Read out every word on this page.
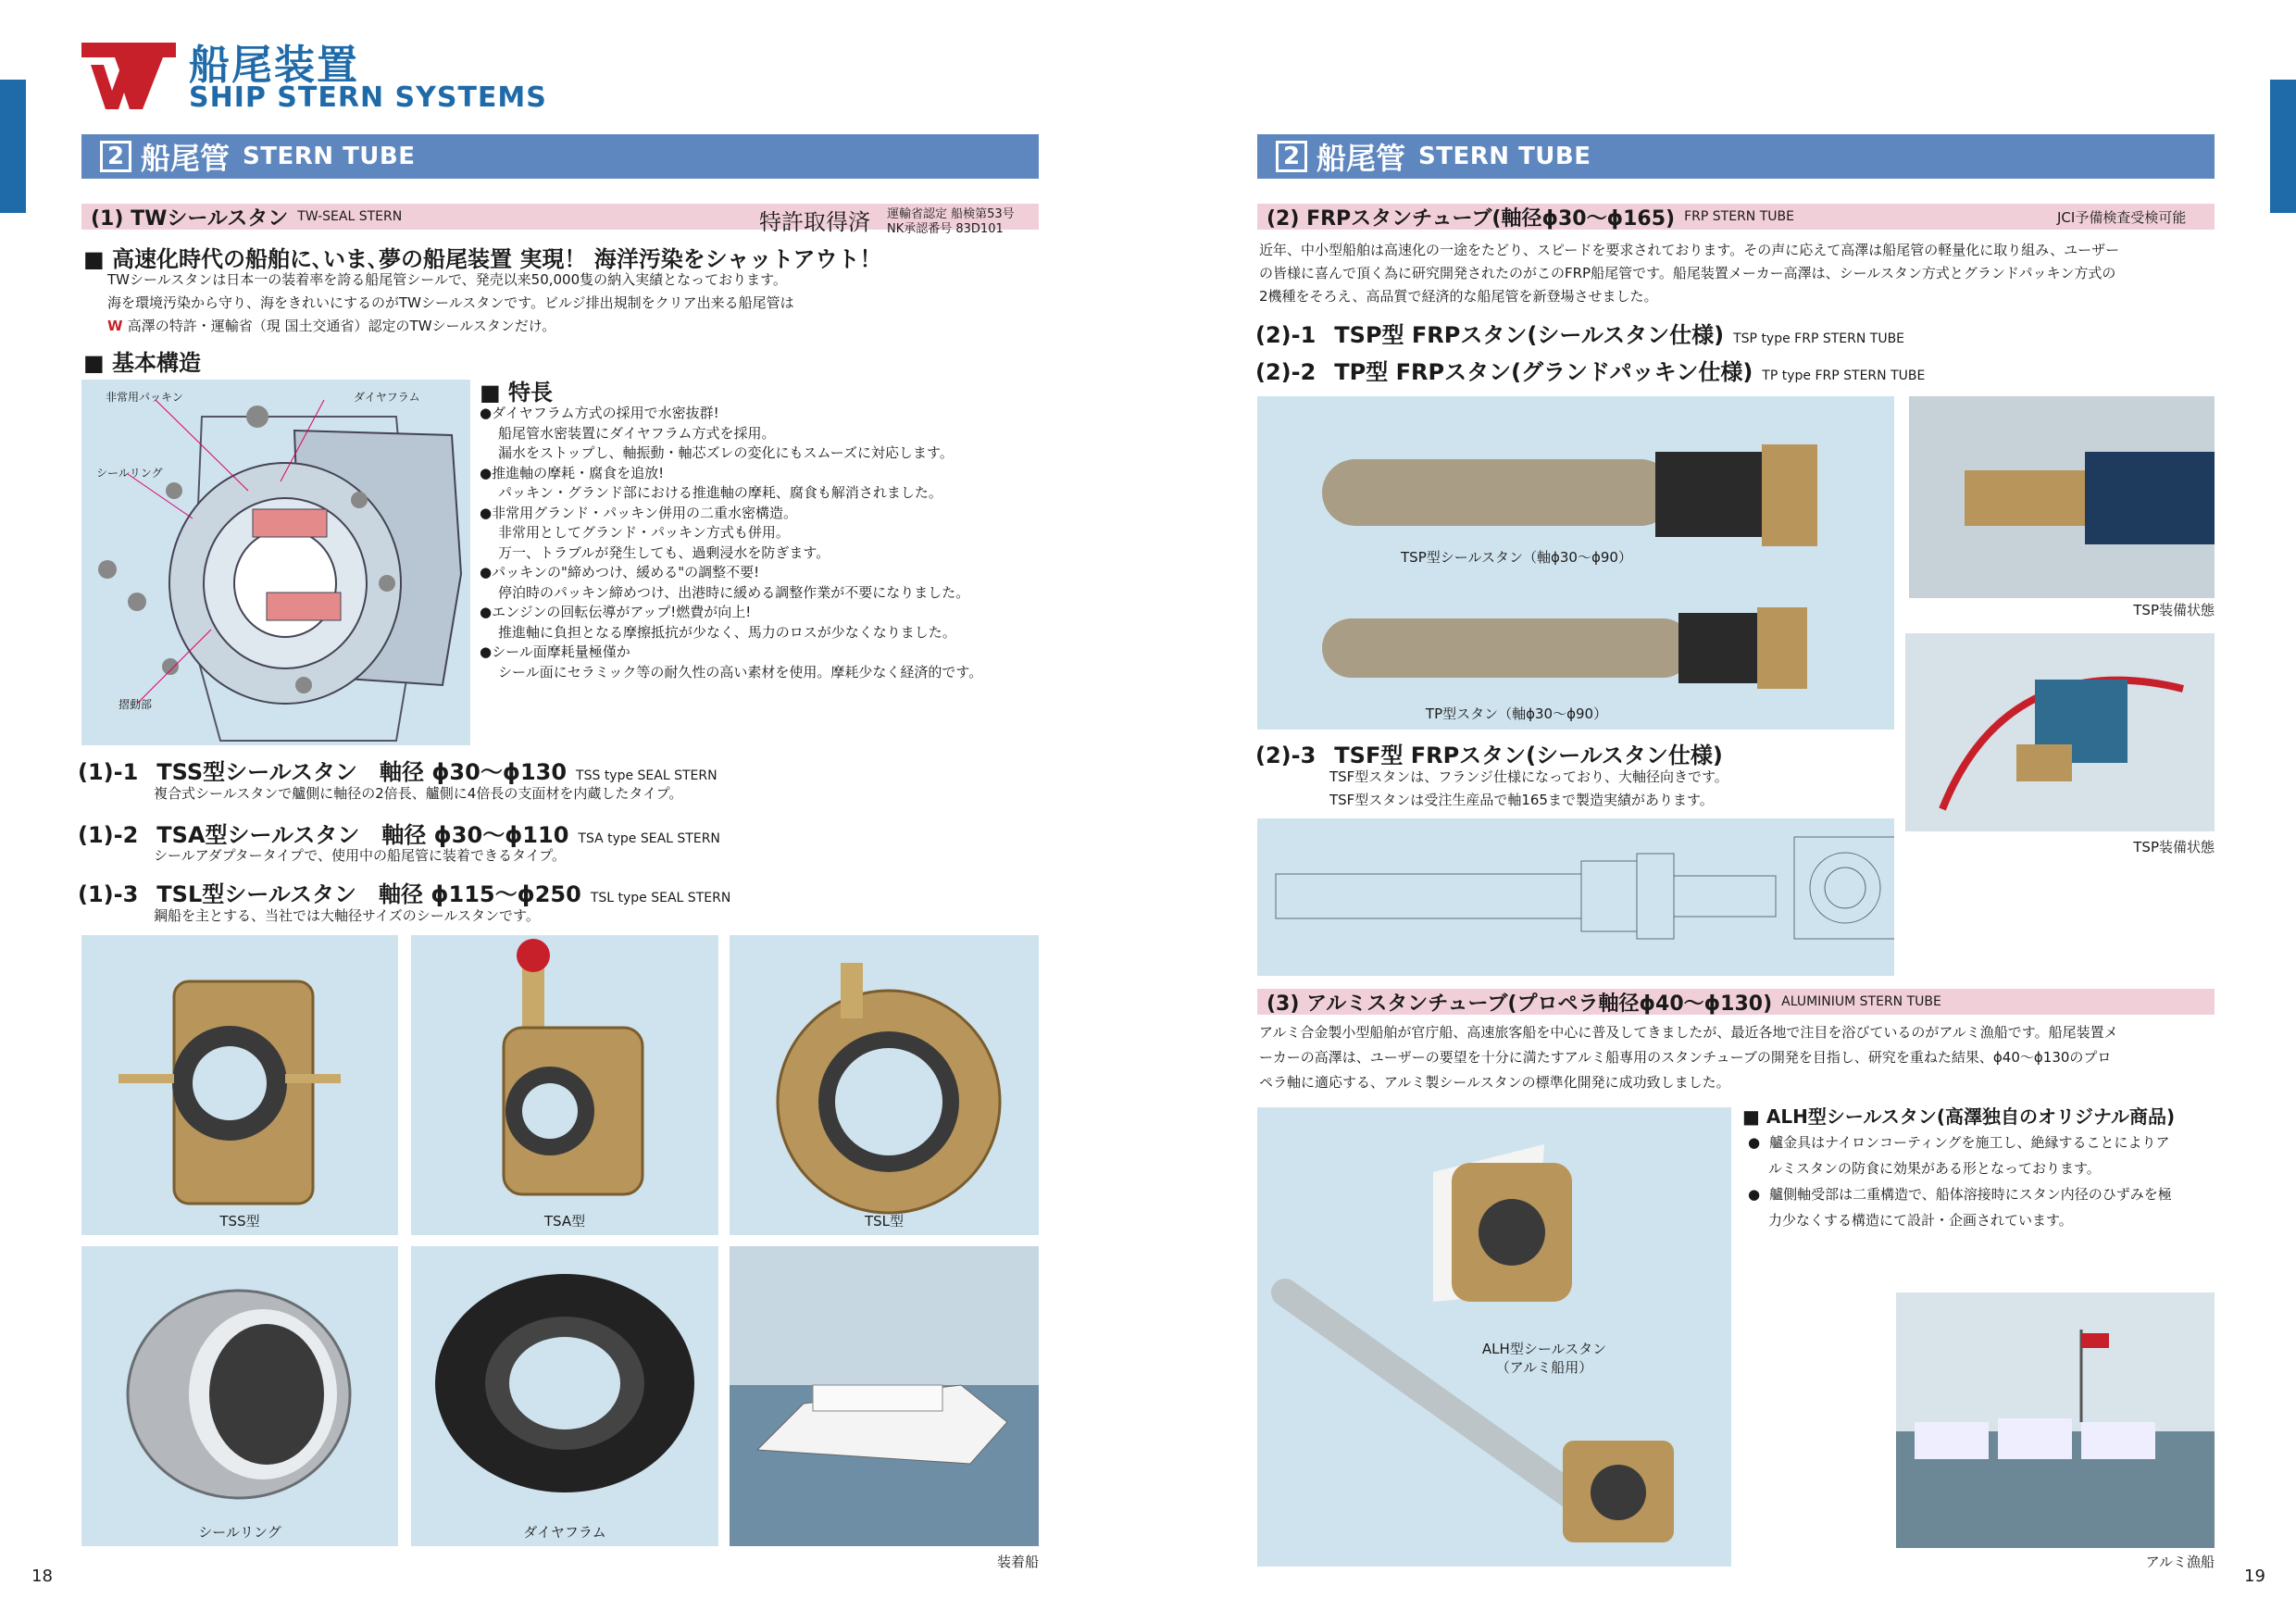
船尾装置
SHIP STERN SYSTEMS
2 船尾管 STERN TUBE
(1) TWシールスタン TW-SEAL STERN	特許取得済 運輸省認定 船検第53号
NK承認番号 83D101
■ 高速化時代の船舶に､いま､夢の船尾装置 実現！ 海洋汚染をシャットアウト！

TWシールスタンは日本一の装着率を誇る船尾管シールで、発売以来50,000隻の納入実績となっております。

海を環境汚染から守り、海をきれいにするのがTWシールスタンです。ビルジ排出規制をクリア出来る船尾管は

W 高澤の特許・運輸省（現 国土交通省）認定のTWシールスタンだけ。

■ 基本構造
非常用パッキン	ダイヤフラム
シールリング
摺動部
■ 特長
● ダイヤフラム方式の採用で水密抜群!
船尾管水密装置にダイヤフラム方式を採用。
漏水をストップし、軸振動・軸芯ズレの変化にもスムーズに対応します。
● 推進軸の摩耗・腐食を追放!
パッキン・グランド部における推進軸の摩耗、腐食も解消されました。
● 非常用グランド・パッキン併用の二重水密構造。
非常用としてグランド・パッキン方式も併用。
万一、トラブルが発生しても、過剰浸水を防ぎます。
● パッキンの"締めつけ、緩める"の調整不要!
停泊時のパッキン締めつけ、出港時に緩める調整作業が不要になりました。
● エンジンの回転伝導がアップ!燃費が向上!
推進軸に負担となる摩擦抵抗が少なく、馬力のロスが少なくなりました。
● シール面摩耗量極僅か
シール面にセラミック等の耐久性の高い素材を使用。摩耗少なく経済的です。
(1)-1 TSS型シールスタン　軸径 ϕ30〜ϕ130 TSS type SEAL STERN
複合式シールスタンで艫側に軸径の2倍長、艫側に4倍長の支面材を内蔵したタイプ。
(1)-2 TSA型シールスタン　軸径 ϕ30〜ϕ110 TSA type SEAL STERN
シールアダプタータイプで、使用中の船尾管に装着できるタイプ。
(1)-3 TSL型シールスタン　軸径 ϕ115〜ϕ250 TSL type SEAL STERN
鋼船を主とする、当社では大軸径サイズのシールスタンです。
TSS型	TSA型	TSL型
シールリング	ダイヤフラム
装着船
18
2 船尾管 STERN TUBE
(2) FRPスタンチューブ(軸径ϕ30〜ϕ165) FRP STERN TUBE	JCI予備検査受検可能

近年、中小型船舶は高速化の一途をたどり、スピードを要求されております。その声に応えて高澤は船尾管の軽量化に取り組み、ユーザー

の皆様に喜んで頂く為に研究開発されたのがこのFRP船尾管です。船尾装置メーカー高澤は、シールスタン方式とグランドパッキン方式の

2機種をそろえ、高品質で経済的な船尾管を新登場させました。

(2)-1 TSP型 FRPスタン(シールスタン仕様) TSP type FRP STERN TUBE
(2)-2 TP型 FRPスタン(グランドパッキン仕様) TP type FRP STERN TUBE
TSP型シールスタン（軸ϕ30〜ϕ90）
TP型スタン（軸ϕ30〜ϕ90）
TSP装備状態
TSP装備状態
(2)-3 TSF型 FRPスタン(シールスタン仕様)

TSF型スタンは、フランジ仕様になっており、大軸径向きです。

TSF型スタンは受注生産品で軸165まで製造実績があります。

(3) アルミスタンチューブ(プロペラ軸径ϕ40〜ϕ130) ALUMINIUM STERN TUBE

アルミ合金製小型船舶が官庁船、高速旅客船を中心に普及してきましたが、最近各地で注目を浴びているのがアルミ漁船です。船尾装置メ

ーカーの高澤は、ユーザーの要望を十分に満たすアルミ船専用のスタンチューブの開発を目指し、研究を重ねた結果、ϕ40〜ϕ130のプロ

ペラ軸に適応する、アルミ製シールスタンの標準化開発に成功致しました。

ALH型シールスタン
（アルミ船用）
■ ALH型シールスタン(高澤独自のオリジナル商品)

● 艫金具はナイロンコーティングを施工し、絶縁することによりア

ルミスタンの防食に効果がある形となっております。

● 艫側軸受部は二重構造で、船体溶接時にスタン内径のひずみを極

力少なくする構造にて設計・企画されています。

アルミ漁船
19
